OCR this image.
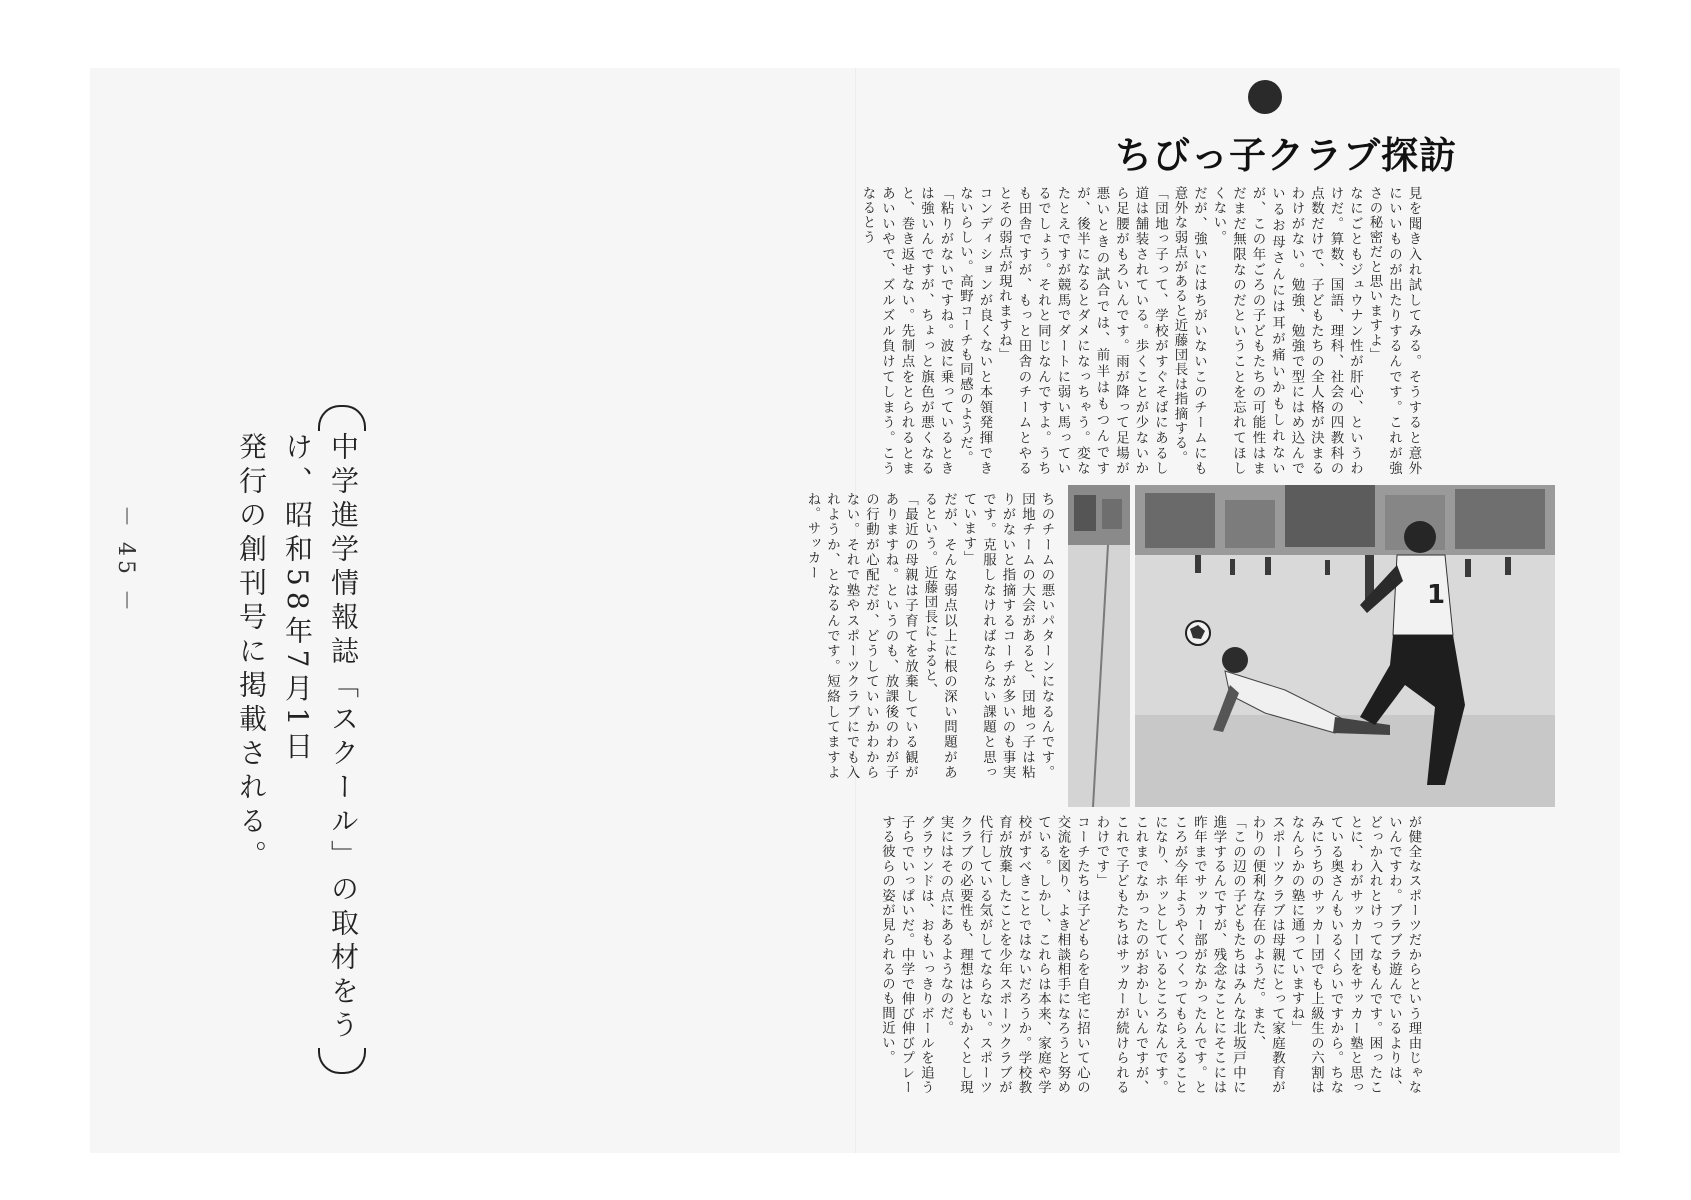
中学進学情報誌「スクール」の取材をうけ、昭和58年7月1日
発行の創刊号に掲載される。
－ 45 －
ちびっ子クラブ探訪

見を聞き入れ試してみる。そうすると意外にいいものが出たりするんです。これが強さの秘密だと思いますよ」

なにごともジュウナン性が肝心、というわけだ。算数、国語、理科、社会の四教科の点数だけで、子どもたちの全人格が決まるわけがない。勉強、勉強で型にはめ込んでいるお母さんには耳が痛いかもしれないが、この年ごろの子どもたちの可能性はまだまだ無限なのだということを忘れてほしくない。

だが、強いにはちがいないこのチームにも意外な弱点があると近藤団長は指摘する。

「団地っ子って、学校がすぐそばにあるし道は舗装されている。歩くことが少ないから足腰がもろいんです。雨が降って足場が悪いときの試合では、前半はもつんですが、後半になるとダメになっちゃう。変なたとえですが競馬でダートに弱い馬っているでしょう。それと同じなんですよ。うちも田舎ですが、もっと田舎のチームとやるとその弱点が現れますね」

コンディションが良くないと本領発揮できないらしい。高野コーチも同感のようだ。

「粘りがないですね。波に乗っているときは強いんですが、ちょっと旗色が悪くなると、巻き返せない。先制点をとられるとまあいいやで、ズルズル負けてしまう。こうなるとう

ちのチームの悪いパターンになるんです。団地チームの大会があると、団地っ子は粘りがないと指摘するコーチが多いのも事実です。克服しなければならない課題と思っています」

だが、そんな弱点以上に根の深い問題があるという。近藤団長によると、

「最近の母親は子育てを放棄している観がありますね。というのも、放課後のわが子の行動が心配だが、どうしていいかわからない。それで塾やスポーツクラブにでも入れようか、となるんです。短絡してますよね。サッカー

1

が健全なスポーツだからという理由じゃないんですわ。ブラブラ遊んでいるよりは、どっか入れとけってなもんです。困ったことに、わがサッカー団をサッカー塾と思っている奥さんもいるくらいですから。ちなみにうちのサッカー団でも上級生の六割はなんらかの塾に通っていますね」

スポーツクラブは母親にとって家庭教育がわりの便利な存在のようだ。また、

「この辺の子どもたちはみんな北坂戸中に進学するんですが、残念なことにそこには昨年までサッカー部がなかったんです。ところが今年ようやくつくってもらえることになり、ホッとしているところなんです。これまでなかったのがおかしいんですが、これで子どもたちはサッカーが続けられるわけです」

コーチたちは子どもらを自宅に招いて心の交流を図り、よき相談相手になろうと努めている。しかし、これらは本来、家庭や学校がすべきことではないだろうか。学校教育が放棄したことを少年スポーツクラブが代行している気がしてならない。スポーツクラブの必要性も、理想はともかくとし現実にはその点にあるようなのだ。

グラウンドは、おもいっきりボールを追う子らでいっぱいだ。中学で伸び伸びプレーする彼らの姿が見られるのも間近い。
